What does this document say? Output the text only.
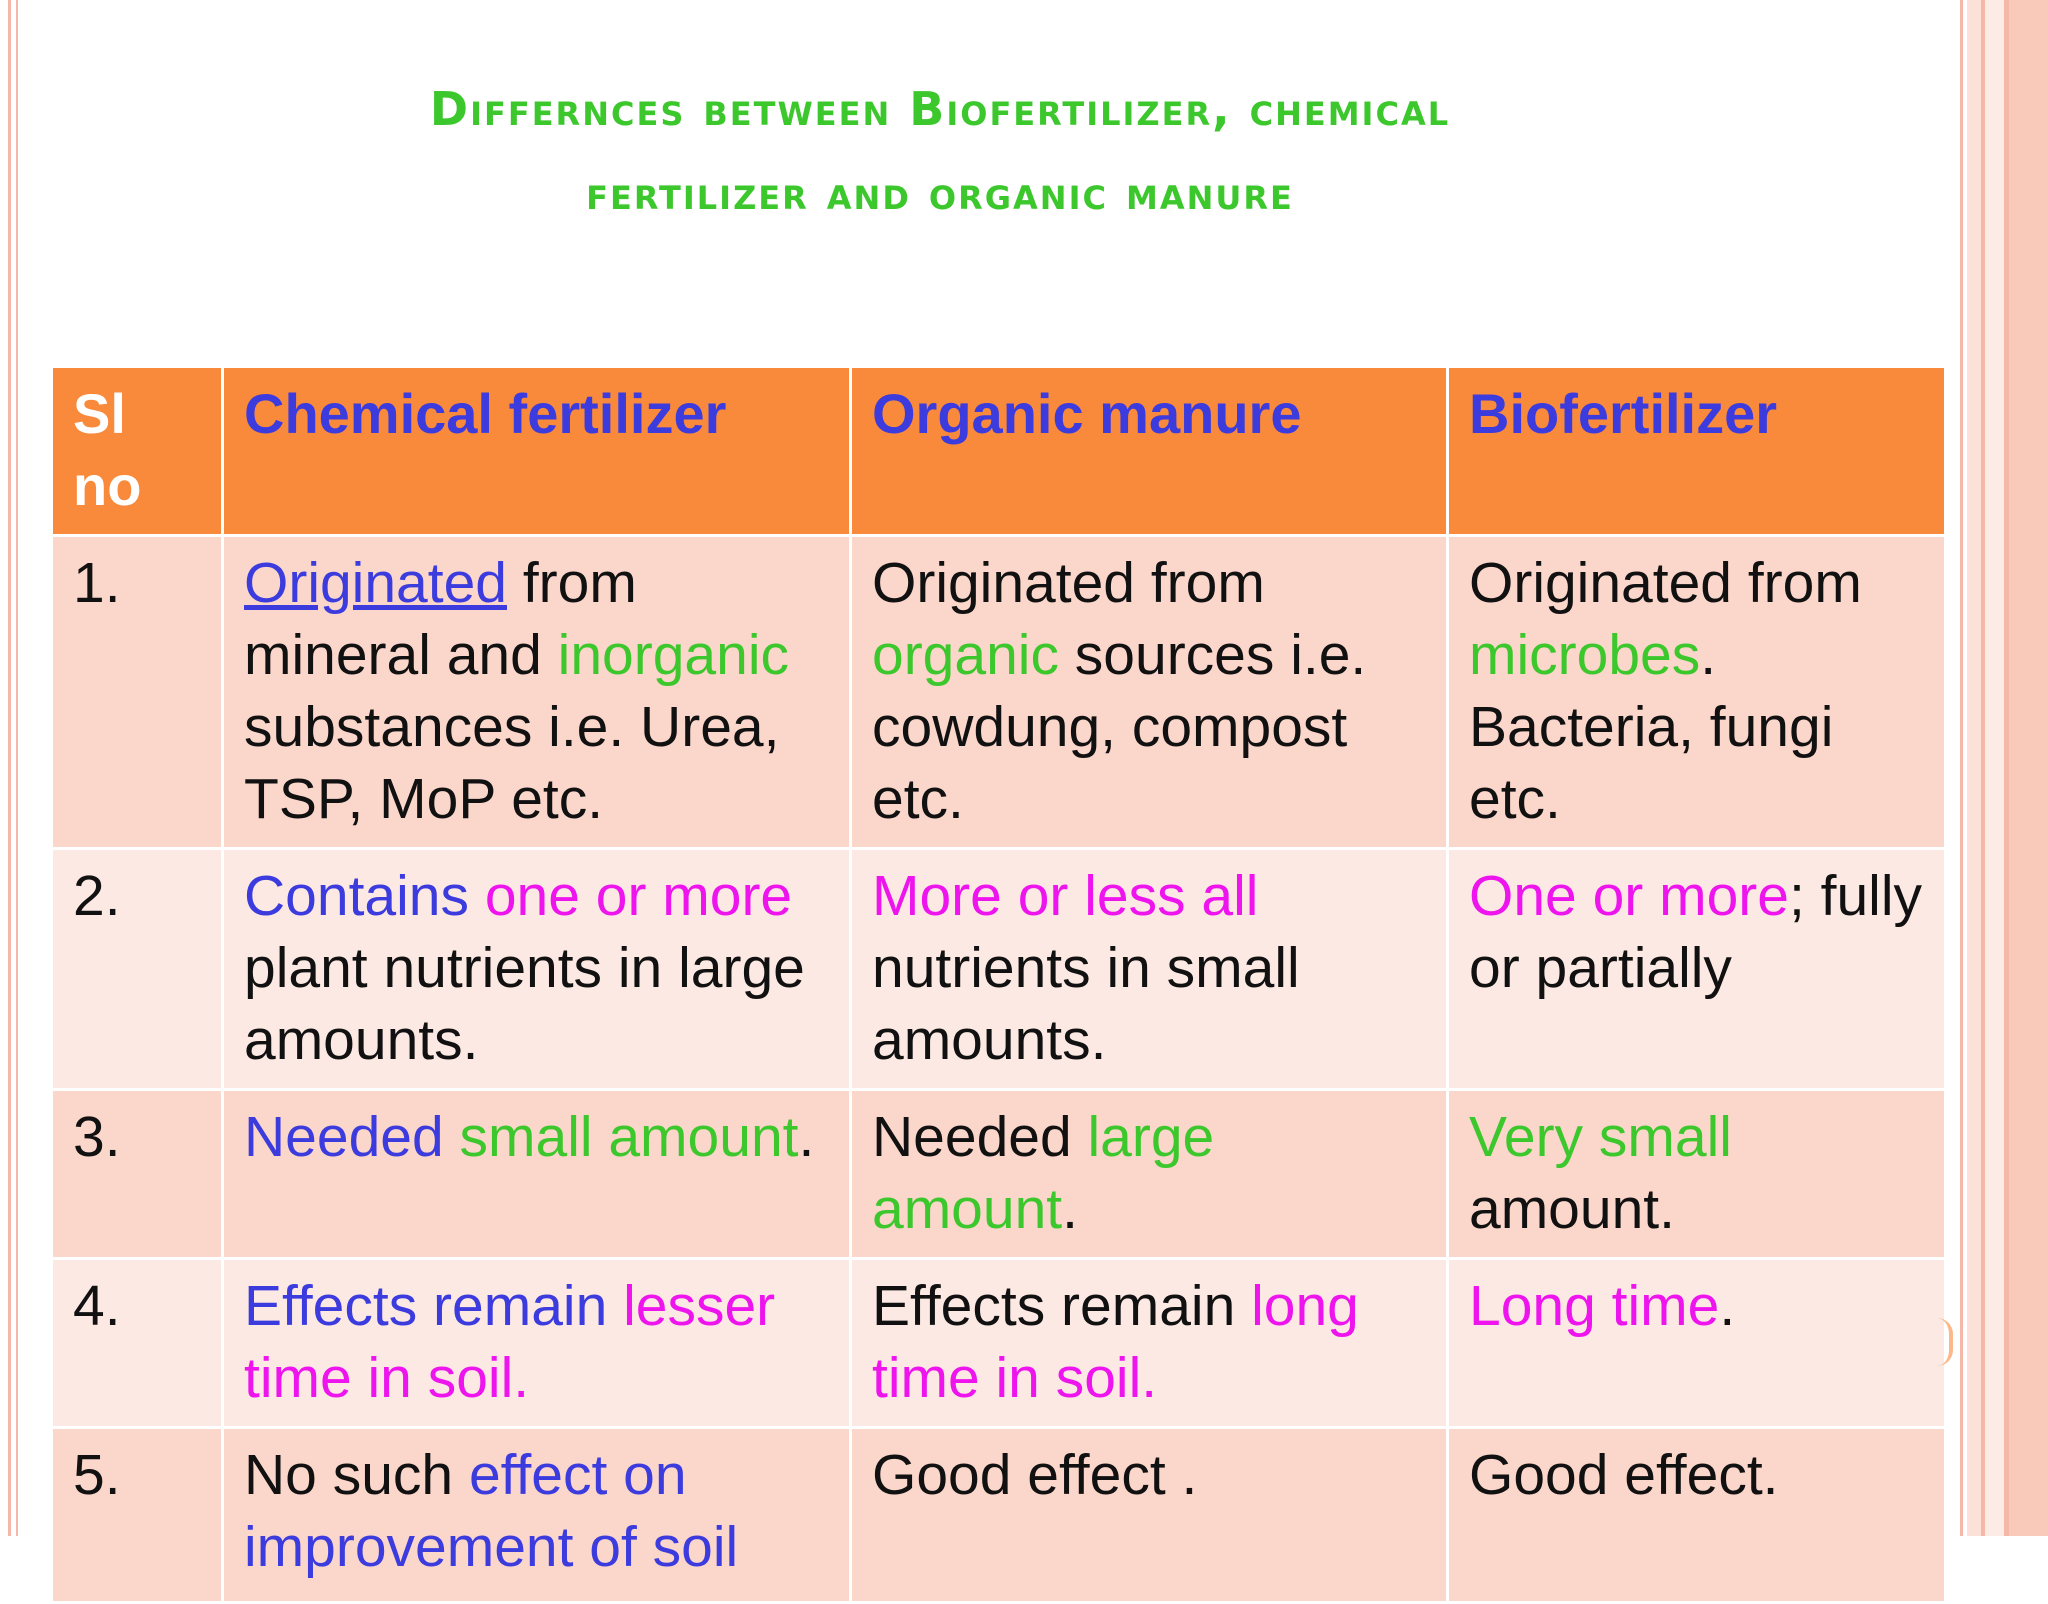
Differnces between Biofertilizer, chemical
fertilizer and organic manure
Sl no	Chemical fertilizer	Organic manure	Biofertilizer
1.	Originated from mineral and inorganic substances i.e. Urea, TSP, MoP etc.	Originated from organic sources i.e. cowdung, compost etc.	Originated from microbes. Bacteria, fungi etc.
2.	Contains one or more plant nutrients in large amounts.	More or less all nutrients in small amounts.	One or more; fully or partially
3.	Needed small amount.	Needed large amount.	Very small amount.
4.	Effects remain lesser time in soil.	Effects remain long time in soil.	Long time.
5.	No such effect on improvement of soil	Good effect .	Good effect.
